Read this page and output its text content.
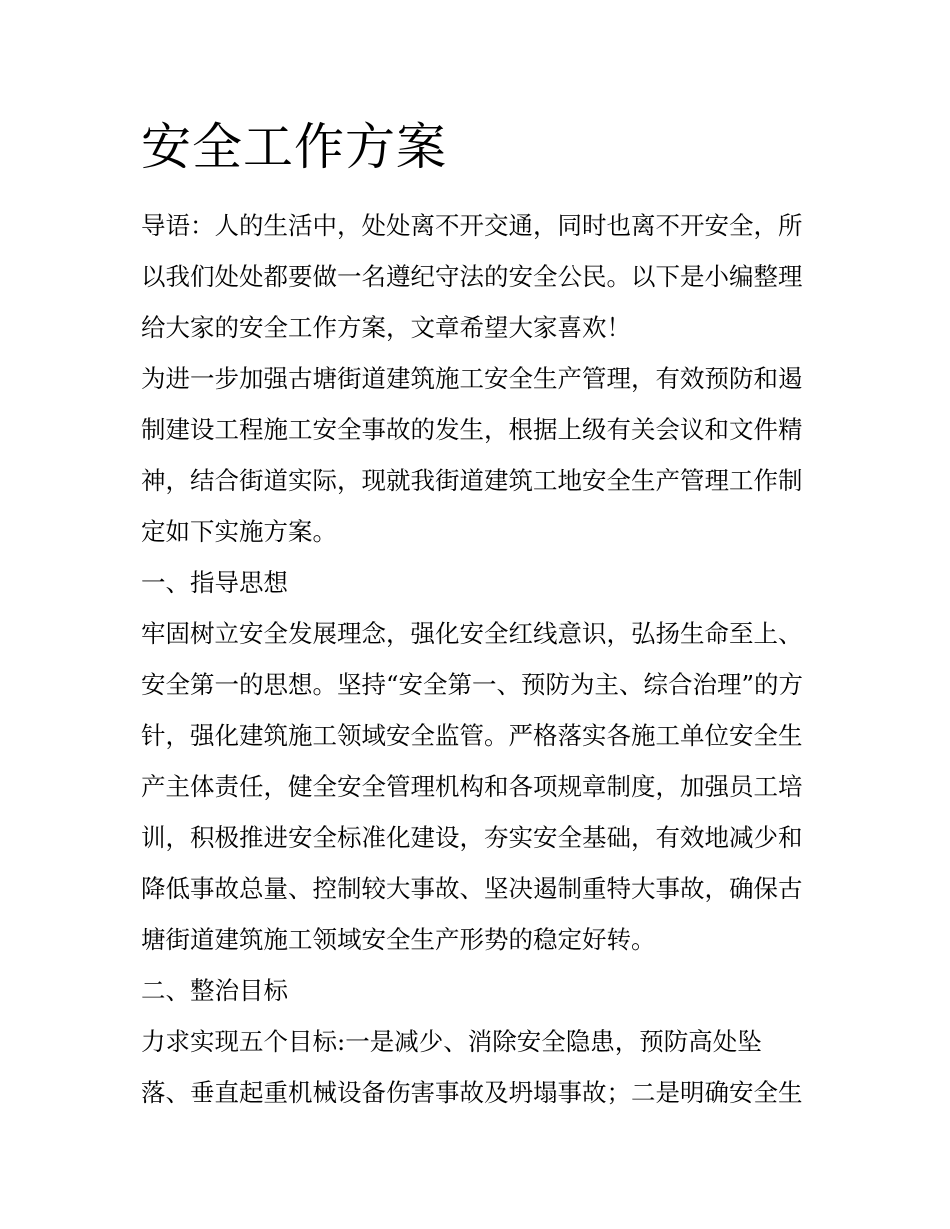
安全工作方案
导语：人的生活中，处处离不开交通，同时也离不开安全，所
以我们处处都要做一名遵纪守法的安全公民。以下是小编整理
给大家的安全工作方案，文章希望大家喜欢！
为进一步加强古塘街道建筑施工安全生产管理，有效预防和遏
制建设工程施工安全事故的发生，根据上级有关会议和文件精
神，结合街道实际，现就我街道建筑工地安全生产管理工作制
定如下实施方案。
一、指导思想
牢固树立安全发展理念，强化安全红线意识，弘扬生命至上、
安全第一的思想。坚持“安全第一、预防为主、综合治理”的方
针，强化建筑施工领域安全监管。严格落实各施工单位安全生
产主体责任，健全安全管理机构和各项规章制度，加强员工培
训，积极推进安全标准化建设，夯实安全基础，有效地减少和
降低事故总量、控制较大事故、坚决遏制重特大事故，确保古
塘街道建筑施工领域安全生产形势的稳定好转。
二、整治目标
力求实现五个目标:一是减少、消除安全隐患，预防高处坠
落、垂直起重机械设备伤害事故及坍塌事故；二是明确安全生
